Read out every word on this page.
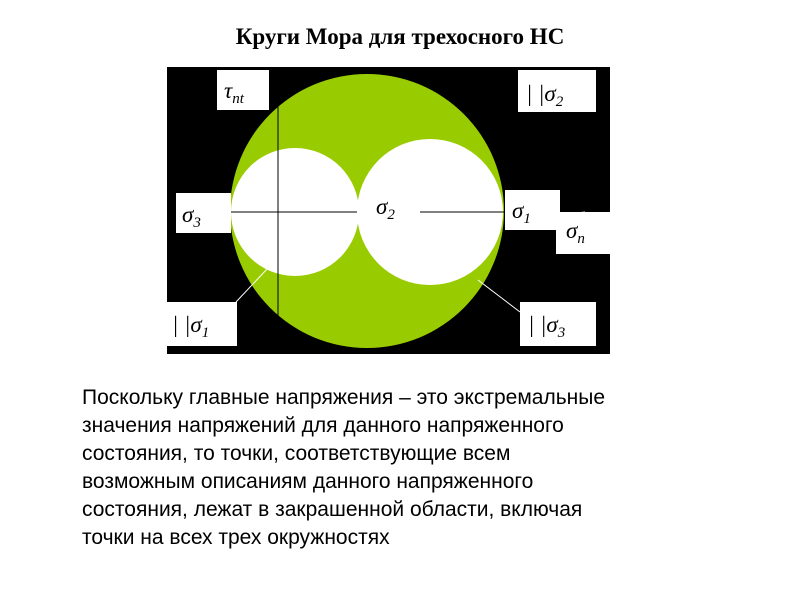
Круги Мора для трехосного НС
$\tau_{nt}$	| $|\sigma_2$
$\sigma_3$
$\sigma_2$	$\sigma_1$ $\sigma_n$
| $|\sigma_1$	| $|\sigma_3$

Поскольку главные напряжения – это экстремальные
значения напряжений для данного напряженного
состояния, то точки, соответствующие всем
возможным описаниям данного напряженного
состояния, лежат в закрашенной области, включая
точки на всех трех окружностях
